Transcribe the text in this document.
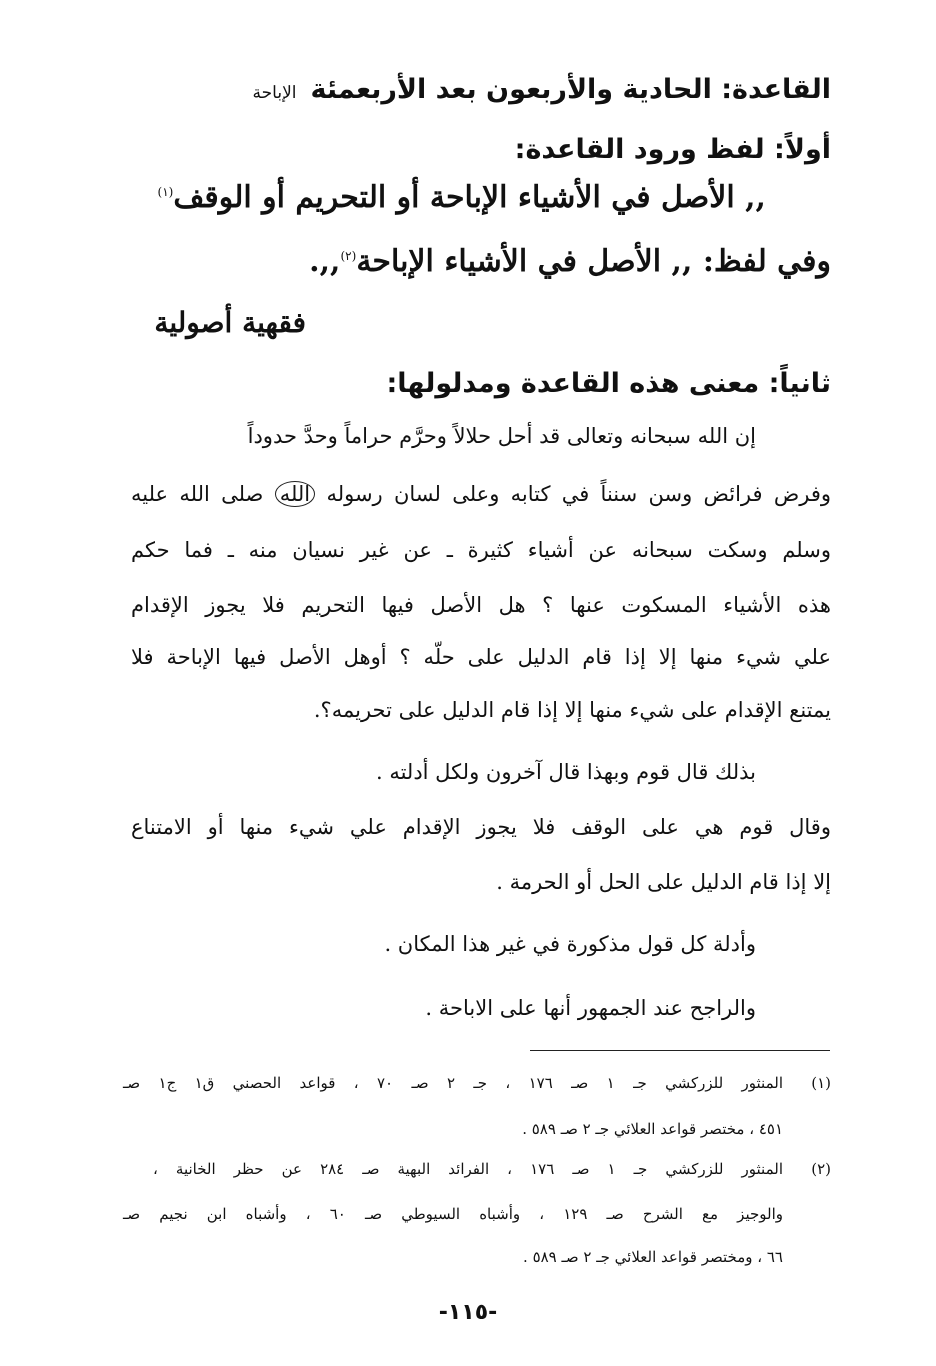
القاعدة: الحادية والأربعون بعد الأربعمئةالإباحة

أولاً: لفظ ورود القاعدة:

,, الأصل في الأشياء الإباحة أو التحريم أو الوقف$^{(١)}$

وفي لفظ: ,, الأصل في الأشياء الإباحة$^{(٢)}$,,.

فقهية أصولية

ثانياً: معنى هذه القاعدة ومدلولها:

إن الله سبحانه وتعالى قد أحل حلالاً وحرَّم حراماً وحدَّ حدوداً

وفرض فرائض وسن سنناً في كتابه وعلى لسان رسوله الله صلى الله عليه

وسلم وسكت سبحانه عن أشياء كثيرة ـ عن غير نسيان منه ـ فما حكم

هذه الأشياء المسكوت عنها ؟ هل الأصل فيها التحريم فلا يجوز الإقدام

علي شيء منها إلا إذا قام الدليل على حلّه ؟ أوهل الأصل فيها الإباحة فلا

يمتنع الإقدام على شيء منها إلا إذا قام الدليل على تحريمه؟.

بذلك قال قوم وبهذا قال آخرون ولكل أدلته .

وقال قوم هي على الوقف فلا يجوز الإقدام علي شيء منها أو الامتناع

إلا إذا قام الدليل على الحل أو الحرمة .

وأدلة كل قول مذكورة في غير هذا المكان .

والراجح عند الجمهور أنها على الاباحة .

(١)
المنثور للزركشي جـ ١ صـ ١٧٦ ، جـ ٢ صـ ٧٠ ، قواعد الحصني ق١ ج١ صـ
٤٥١ ، مختصر قواعد العلائي جـ ٢ صـ ٥٨٩ .
(٢)
المنثور للزركشي جـ ١ صـ ١٧٦ ، الفرائد البهية صـ ٢٨٤ عن حظر الخانية ،
والوجيز مع الشرح صـ ١٢٩ ، وأشباه السيوطي صـ ٦٠ ، وأشباه ابن نجيم صـ
٦٦ ، ومختصر قواعد العلائي جـ ٢ صـ ٥٨٩ .
-١١٥-
